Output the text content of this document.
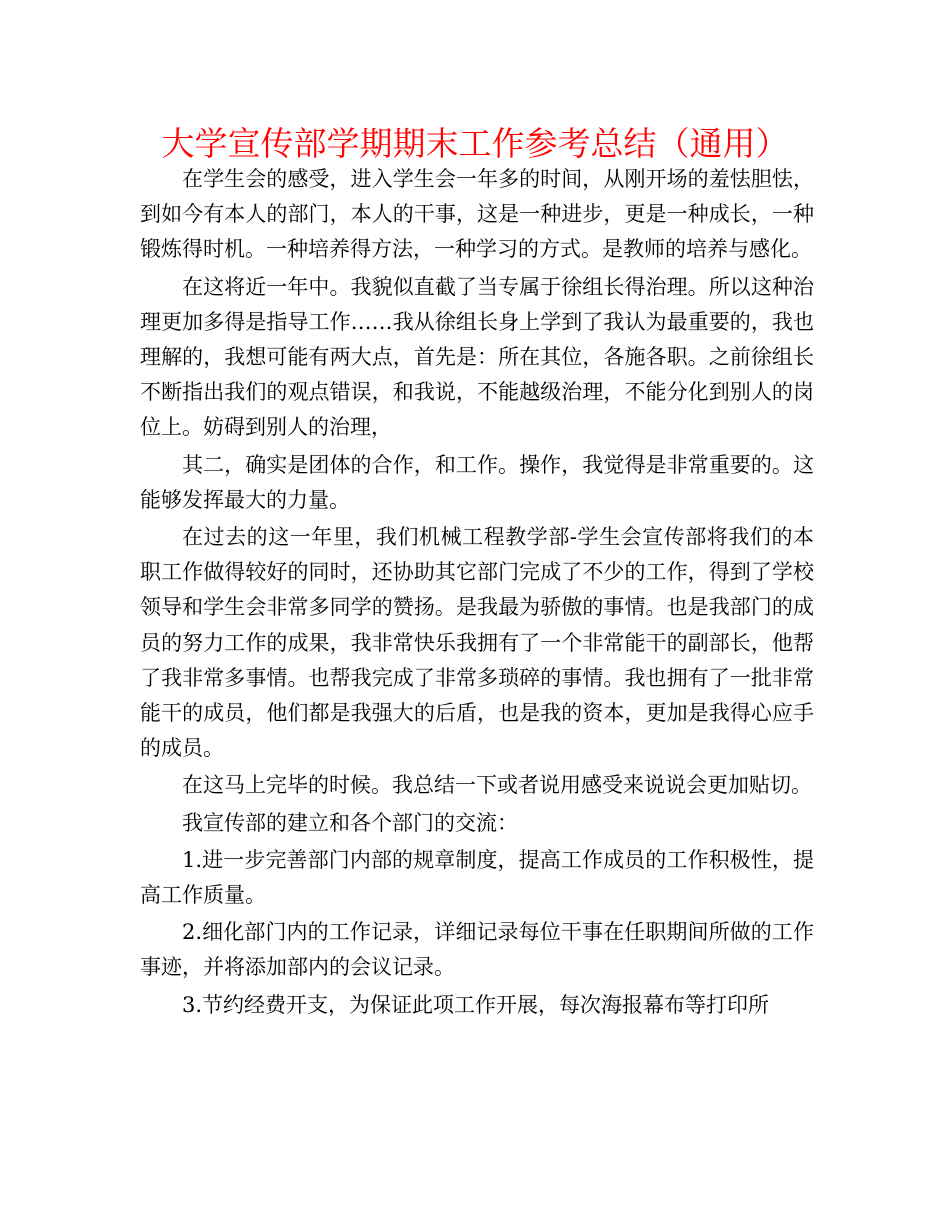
大学宣传部学期期末工作参考总结（通用）

在学生会的感受，进入学生会一年多的时间，从刚开场的羞怯胆怯，到如今有本人的部门，本人的干事，这是一种进步，更是一种成长，一种锻炼得时机。一种培养得方法，一种学习的方式。是教师的培养与感化。

在这将近一年中。我貌似直截了当专属于徐组长得治理。所以这种治理更加多得是指导工作……我从徐组长身上学到了我认为最重要的，我也理解的，我想可能有两大点，首先是：所在其位，各施各职。之前徐组长不断指出我们的观点错误，和我说，不能越级治理，不能分化到别人的岗位上。妨碍到别人的治理，

其二，确实是团体的合作，和工作。操作，我觉得是非常重要的。这能够发挥最大的力量。

在过去的这一年里，我们机械工程教学部-学生会宣传部将我们的本职工作做得较好的同时，还协助其它部门完成了不少的工作，得到了学校领导和学生会非常多同学的赞扬。是我最为骄傲的事情。也是我部门的成员的努力工作的成果，我非常快乐我拥有了一个非常能干的副部长，他帮了我非常多事情。也帮我完成了非常多琐碎的事情。我也拥有了一批非常能干的成员，他们都是我强大的后盾，也是我的资本，更加是我得心应手的成员。

在这马上完毕的时候。我总结一下或者说用感受来说说会更加贴切。

我宣传部的建立和各个部门的交流：

1.进一步完善部门内部的规章制度，提高工作成员的工作积极性，提高工作质量。

2.细化部门内的工作记录，详细记录每位干事在任职期间所做的工作事迹，并将添加部内的会议记录。

3.节约经费开支，为保证此项工作开展，每次海报幕布等打印所
